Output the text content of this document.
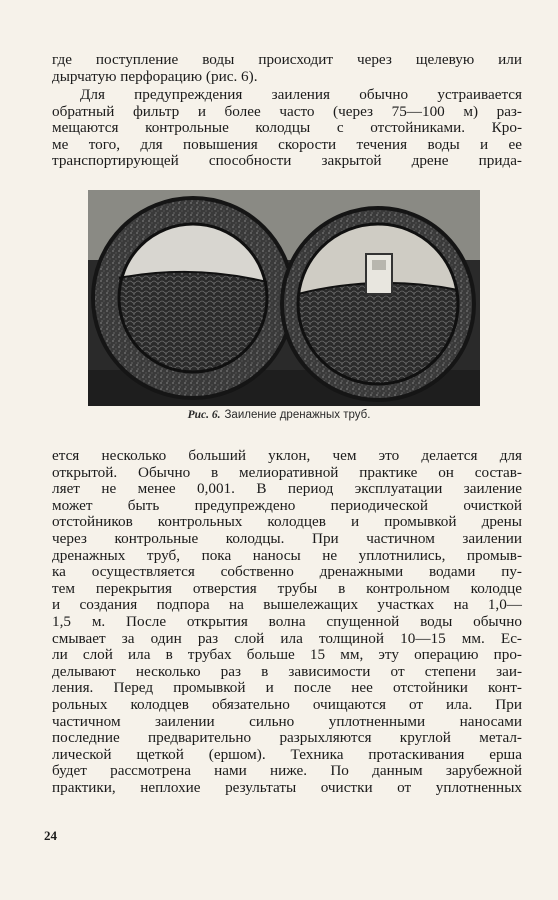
где поступление воды происходит через щелевую или
дырчатую перфорацию (рис. 6).

Для предупреждения заиления обычно устраивается
обратный фильтр и более часто (через 75—100 м) раз-
мещаются контрольные колодцы с отстойниками. Кро-
ме того, для повышения скорости течения воды и ее
транспортирующей способности закрытой дрене прида-

Рис. 6. Заиление дренажных труб.

ется несколько больший уклон, чем это делается для
открытой. Обычно в мелиоративной практике он состав-
ляет не менее 0,001. В период эксплуатации заиление
может быть предупреждено периодической очисткой
отстойников контрольных колодцев и промывкой дрены
через контрольные колодцы. При частичном заилении
дренажных труб, пока наносы не уплотнились, промыв-
ка осуществляется собственно дренажными водами пу-
тем перекрытия отверстия трубы в контрольном колодце
и создания подпора на вышележащих участках на 1,0—
1,5 м. После открытия волна спущенной воды обычно
смывает за один раз слой ила толщиной 10—15 мм. Ес-
ли слой ила в трубах больше 15 мм, эту операцию про-
делывают несколько раз в зависимости от степени заи-
ления. Перед промывкой и после нее отстойники конт-
рольных колодцев обязательно очищаются от ила. При
частичном заилении сильно уплотненными наносами
последние предварительно разрыхляются круглой метал-
лической щеткой (ершом). Техника протаскивания ерша
будет рассмотрена нами ниже. По данным зарубежной
практики, неплохие результаты очистки от уплотненных

24
